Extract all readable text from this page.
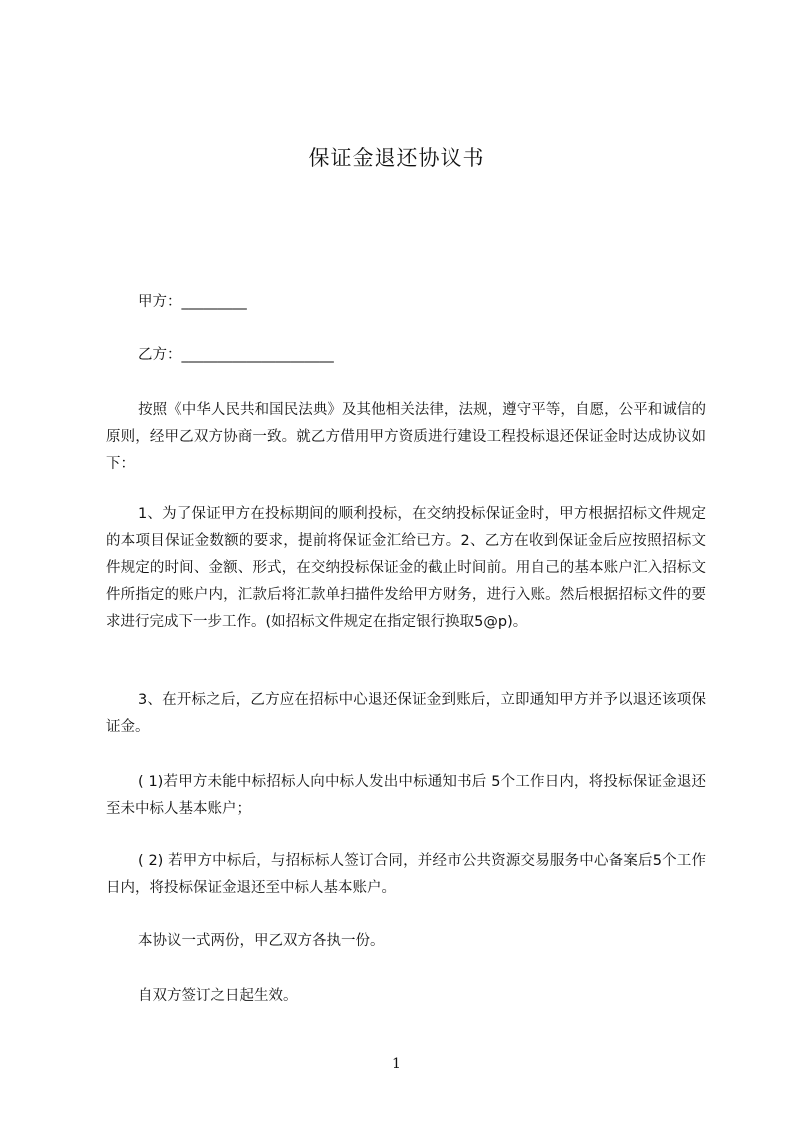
保证金退还协议书
甲方：_________
乙方：_____________________
按照《中华人民共和国民法典》及其他相关法律，法规，遵守平等，自愿，公平和诚信的原则，经甲乙双方协商一致。就乙方借用甲方资质进行建设工程投标退还保证金时达成协议如下：
1、为了保证甲方在投标期间的顺利投标，在交纳投标保证金时，甲方根据招标文件规定的本项目保证金数额的要求，提前将保证金汇给已方。2、乙方在收到保证金后应按照招标文件规定的时间、金额、形式，在交纳投标保证金的截止时间前。用自己的基本账户汇入招标文件所指定的账户内，汇款后将汇款单扫描件发给甲方财务，进行入账。然后根据招标文件的要求进行完成下一步工作。(如招标文件规定在指定银行换取5@p)。
3、在开标之后，乙方应在招标中心退还保证金到账后，立即通知甲方并予以退还该项保证金。
( 1)若甲方未能中标招标人向中标人发出中标通知书后 5个工作日内，将投标保证金退还至未中标人基本账户；
( 2) 若甲方中标后，与招标标人签订合同，并经市公共资源交易服务中心备案后5个工作日内，将投标保证金退还至中标人基本账户。
本协议一式两份，甲乙双方各执一份。
自双方签订之日起生效。
1
